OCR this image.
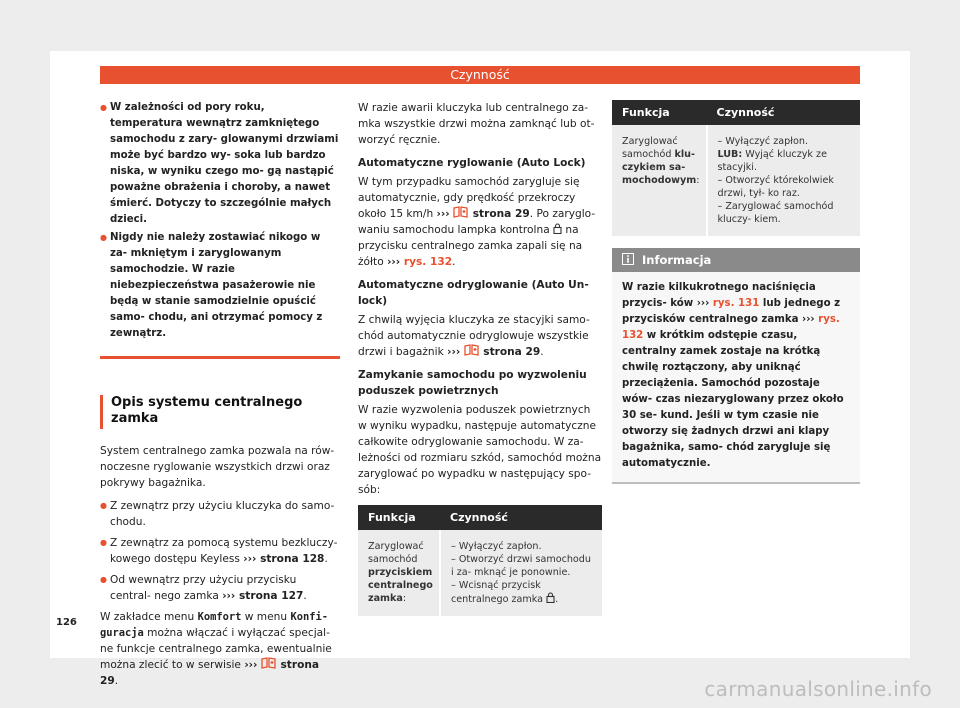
Czynność
● W zależności od pory roku, temperatura wewnątrz zamkniętego samochodu z zary- glowanymi drzwiami może być bardzo wy- soka lub bardzo niska, w wyniku czego mo- gą nastąpić poważne obrażenia i choroby, a nawet śmierć. Dotyczy to szczególnie małych dzieci.
● Nigdy nie należy zostawiać nikogo w za- mkniętym i zaryglowanym samochodzie. W razie niebezpieczeństwa pasażerowie nie będą w stanie samodzielnie opuścić samo- chodu, ani otrzymać pomocy z zewnątrz.
Opis systemu centralnego zamka

System centralnego zamka pozwala na rów- noczesne ryglowanie wszystkich drzwi oraz pokrywy bagażnika.

● Z zewnątrz przy użyciu kluczyka do samo- chodu.
● Z zewnątrz za pomocą systemu bezkluczy- kowego dostępu Keyless ››› strona 128.
● Od wewnątrz przy użyciu przycisku central- nego zamka ››› strona 127.

W zakładce menu Komfort w menu Konfi- guracja można włączać i wyłączać specjal- ne funkcje centralnego zamka, ewentualnie można zlecić to w serwisie ›››  strona 29.

W razie awarii kluczyka lub centralnego za- mka wszystkie drzwi można zamknąć lub ot- worzyć ręcznie.

Automatyczne ryglowanie (Auto Lock)

W tym przypadku samochód zarygluje się automatycznie, gdy prędkość przekroczy około 15 km/h ›››  strona 29. Po zaryglo- waniu samochodu lampka kontrolna  na przycisku centralnego zamka zapali się na żółto ››› rys. 132.

Automatyczne odryglowanie (Auto Un- lock)

Z chwilą wyjęcia kluczyka ze stacyjki samo- chód automatycznie odryglowuje wszystkie drzwi i bagażnik ›››  strona 29.

Zamykanie samochodu po wyzwoleniu poduszek powietrznych

W razie wyzwolenia poduszek powietrznych w wyniku wypadku, następuje automatyczne całkowite odryglowanie samochodu. W za- leżności od rozmiaru szkód, samochód można zaryglować po wypadku w następujący spo- sób:

Funkcja	Czynność
Zaryglować samochód przyciskiem centralnego zamka:	– Wyłączyć zapłon.
– Otworzyć drzwi samochodu i za- mknąć je ponownie.
– Wcisnąć przycisk centralnego zamka .
Funkcja	Czynność
Zaryglować samochód klu- czykiem sa- mochodowym:	– Wyłączyć zapłon.
LUB: Wyjąć kluczyk ze stacyjki.
– Otworzyć którekolwiek drzwi, tył- ko raz.
– Zaryglować samochód kluczy- kiem.
Informacja
W razie kilkukrotnego naciśnięcia przycis- ków ››› rys. 131 lub jednego z przycisków centralnego zamka ››› rys. 132 w krótkim odstępie czasu, centralny zamek zostaje na krótką chwilę roztączony, aby uniknąć przeciążenia. Samochód pozostaje wów- czas niezaryglowany przez około 30 se- kund. Jeśli w tym czasie nie otworzy się żadnych drzwi ani klapy bagażnika, samo- chód zarygluje się automatycznie.
126
carmanualsonline.info
